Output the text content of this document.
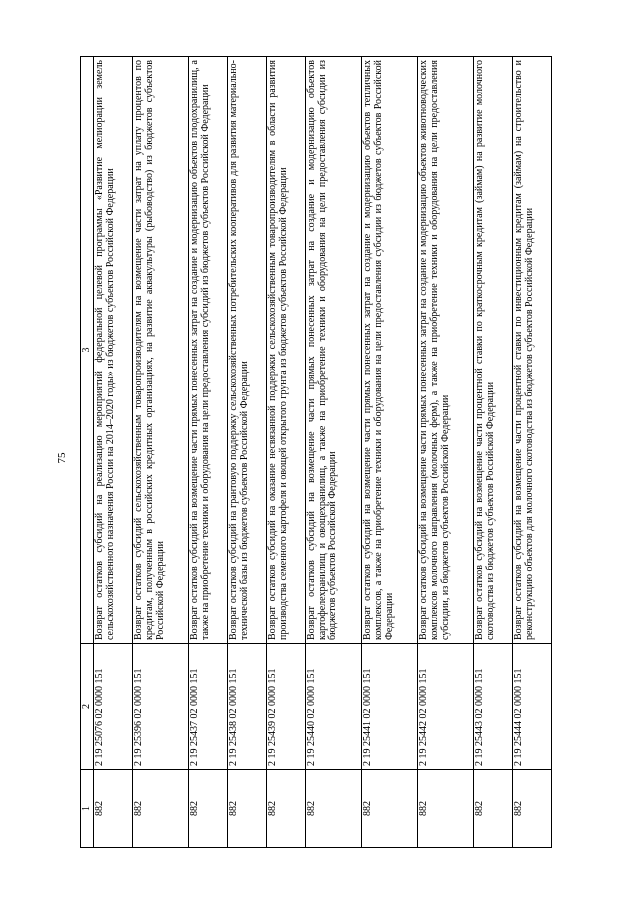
75
1	2	3
882	2 19 25076 02 0000 151	Возврат остатков субсидий на реализацию мероприятий федеральной целевой программы «Развитие мелиорации земель сельскохозяйственного назначения России на 2014–2020 годы» из бюджетов субъектов Российской Федерации
882	2 19 25396 02 0000 151	Возврат остатков субсидий сельскохозяйственным товаропроизводителям на возмещение части затрат на уплату процентов по кредитам, полученным в российских кредитных организациях, на развитие аквакультуры (рыбоводство) из бюджетов субъектов Российской Федерации
882	2 19 25437 02 0000 151	Возврат остатков субсидий на возмещение части прямых понесенных затрат на создание и модернизацию объектов плодохранилищ, а также на приобретение техники и оборудования на цели предоставления субсидий из бюджетов субъектов Российской Федерации
882	2 19 25438 02 0000 151	Возврат остатков субсидий на грантовую поддержку сельскохозяйственных потребительских кооперативов для развития материально-технической базы из бюджетов субъектов Российской Федерации
882	2 19 25439 02 0000 151	Возврат остатков субсидий на оказание несвязанной поддержки сельскохозяйственным товаропроизводителям в области развития производства семенного картофеля и овощей открытого грунта из бюджетов субъектов Российской Федерации
882	2 19 25440 02 0000 151	Возврат остатков субсидий на возмещение части прямых понесенных затрат на создание и модернизацию объектов картофелехранилищ и овощехранилищ, а также на приобретение техники и оборудования на цели предоставления субсидии из бюджетов субъектов Российской Федерации
882	2 19 25441 02 0000 151	Возврат остатков субсидий на возмещение части прямых понесенных затрат на создание и модернизацию объектов тепличных комплексов, а также на приобретение техники и оборудования на цели предоставления субсидии из бюджетов субъектов Российской Федерации
882	2 19 25442 02 0000 151	Возврат остатков субсидий на возмещение части прямых понесенных затрат на создание и модернизацию объектов животноводческих комплексов молочного направления (молочных ферм), а также на приобретение техники и оборудования на цели предоставления субсидии, из бюджетов субъектов Российской Федерации
882	2 19 25443 02 0000 151	Возврат остатков субсидий на возмещение части процентной ставки по краткосрочным кредитам (займам) на развитие молочного скотоводства из бюджетов субъектов Российской Федерации
882	2 19 25444 02 0000 151	Возврат остатков субсидий на возмещение части процентной ставки по инвестиционным кредитам (займам) на строительство и реконструкцию объектов для молочного скотоводства из бюджетов субъектов Российской Федерации
